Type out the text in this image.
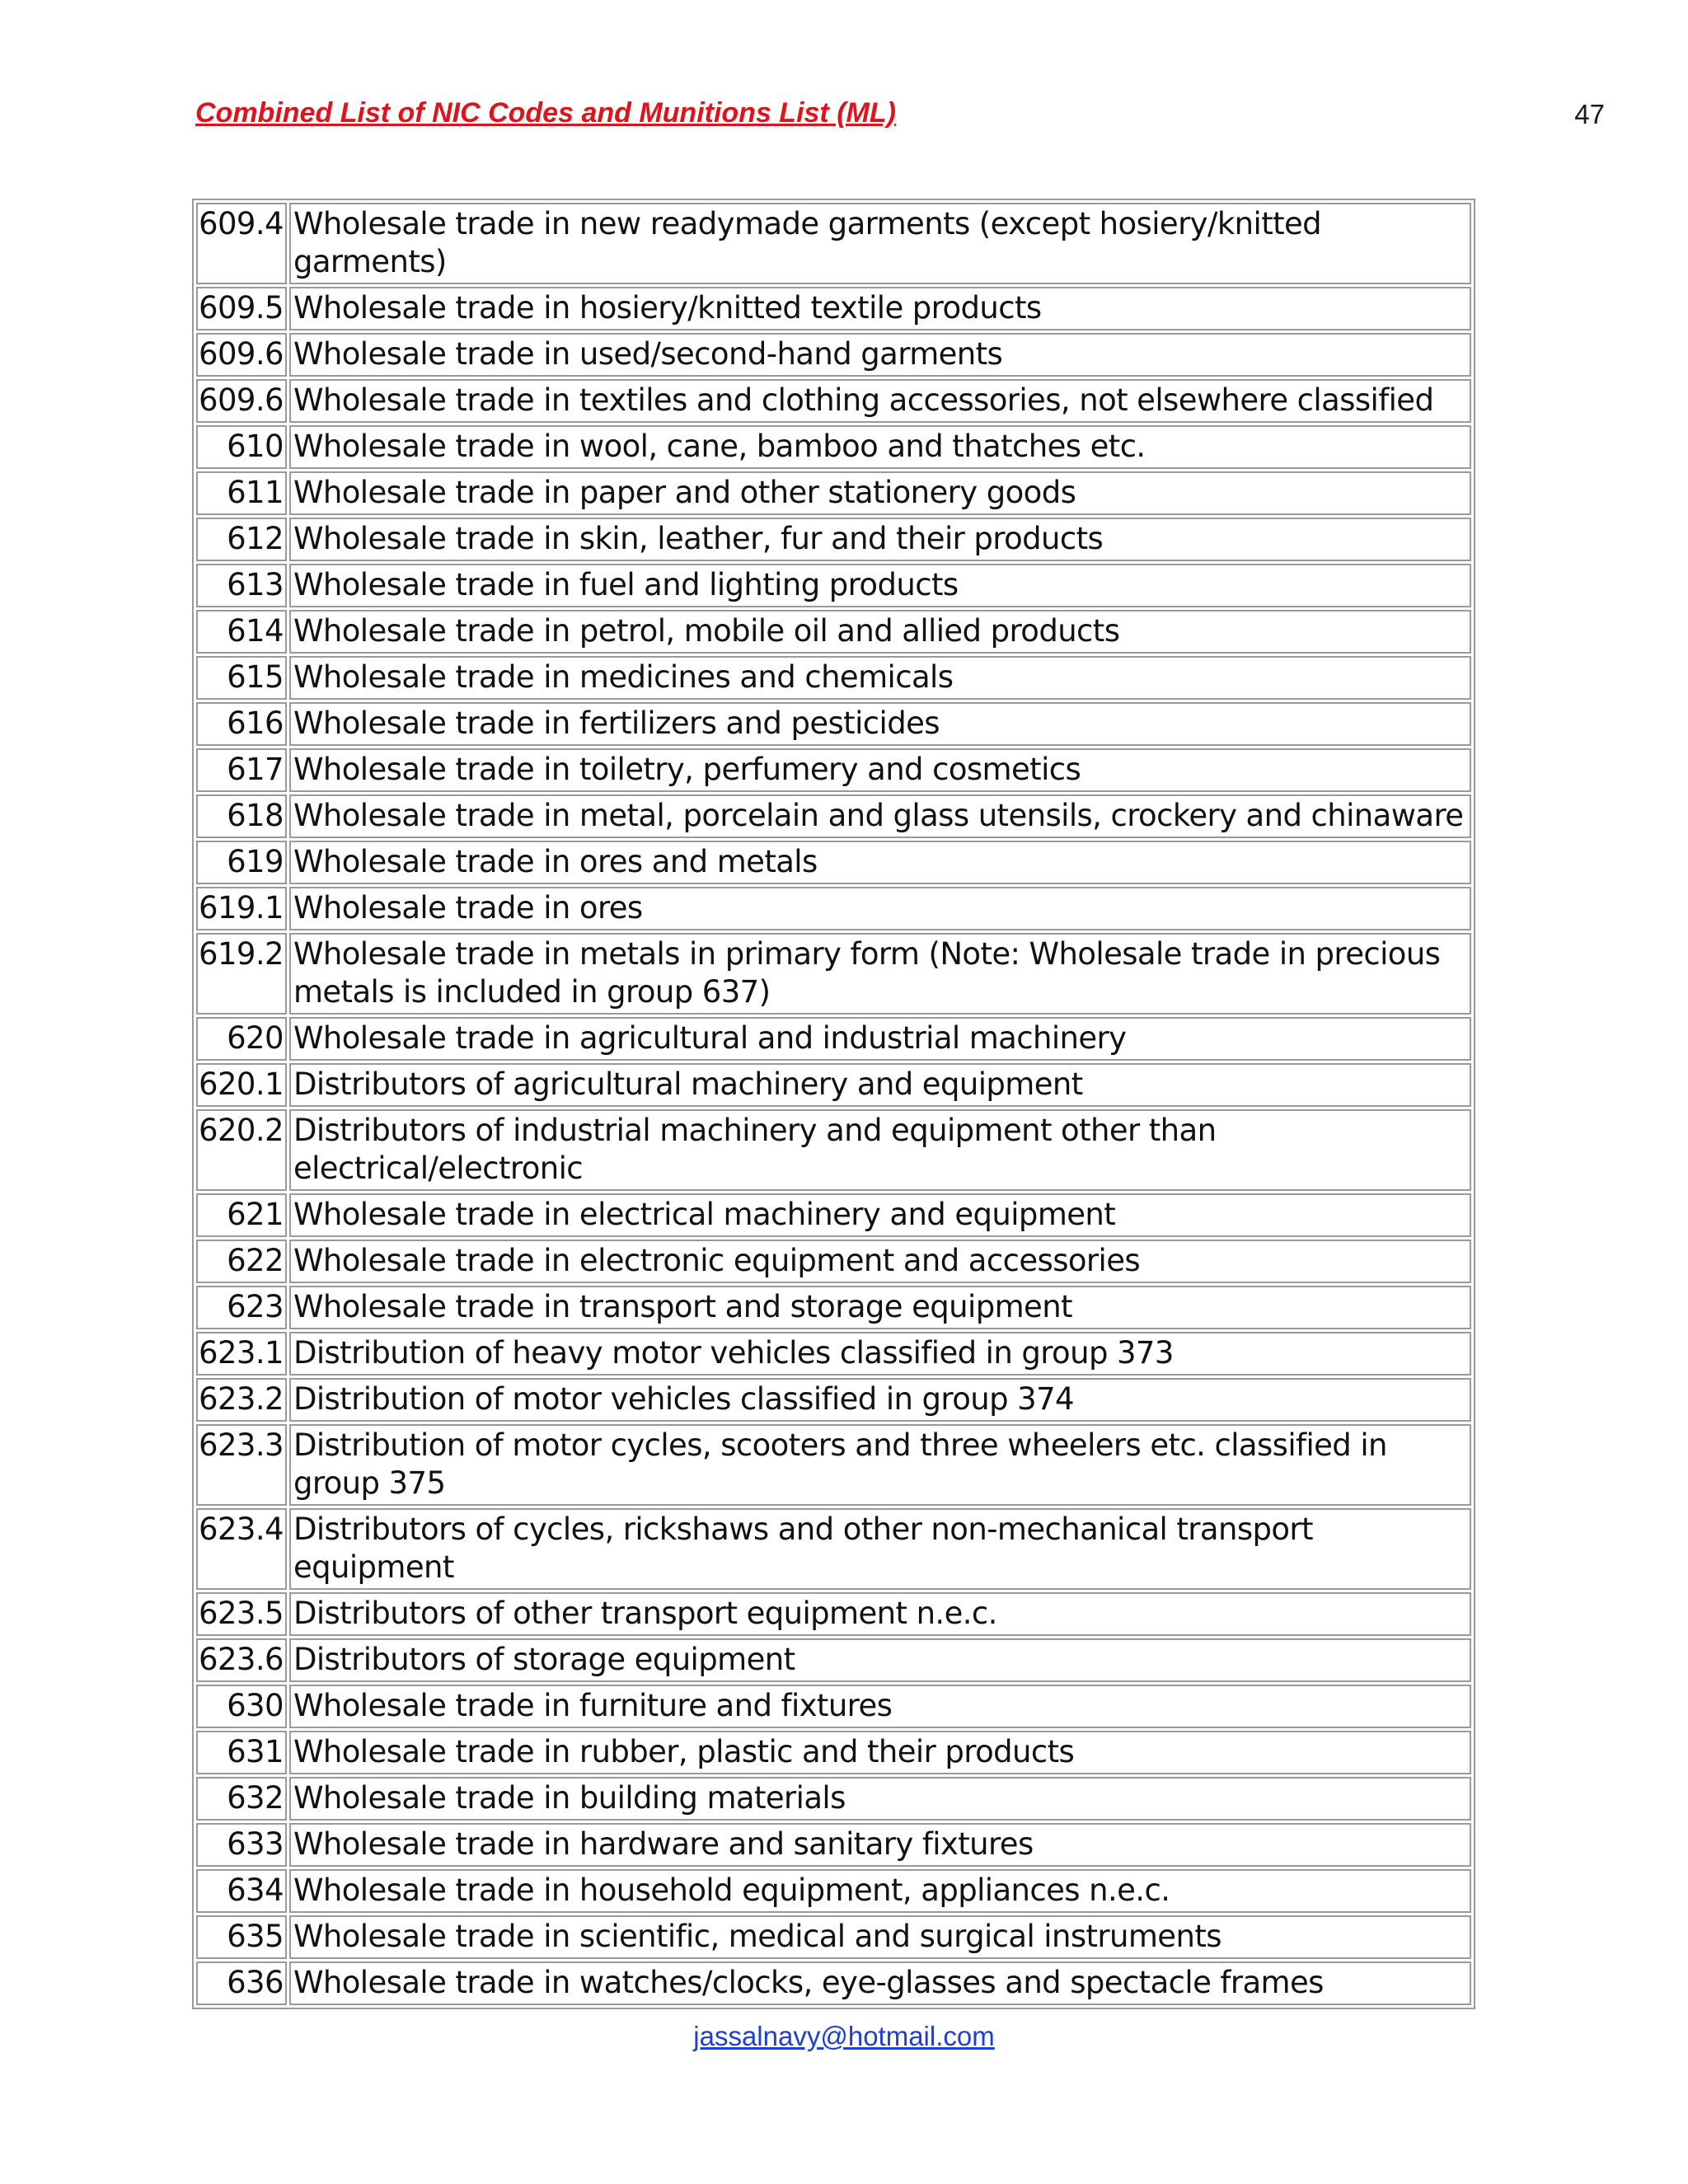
Combined List of NIC Codes and Munitions List (ML)	47
609.4	Wholesale trade in new readymade garments (except hosiery/knitted garments)
609.5	Wholesale trade in hosiery/knitted textile products
609.6	Wholesale trade in used/second-hand garments
609.6	Wholesale trade in textiles and clothing accessories, not elsewhere classified
610	Wholesale trade in wool, cane, bamboo and thatches etc.
611	Wholesale trade in paper and other stationery goods
612	Wholesale trade in skin, leather, fur and their products
613	Wholesale trade in fuel and lighting products
614	Wholesale trade in petrol, mobile oil and allied products
615	Wholesale trade in medicines and chemicals
616	Wholesale trade in fertilizers and pesticides
617	Wholesale trade in toiletry, perfumery and cosmetics
618	Wholesale trade in metal, porcelain and glass utensils, crockery and chinaware
619	Wholesale trade in ores and metals
619.1	Wholesale trade in ores
619.2	Wholesale trade in metals in primary form (Note: Wholesale trade in precious metals is included in group 637)
620	Wholesale trade in agricultural and industrial machinery
620.1	Distributors of agricultural machinery and equipment
620.2	Distributors of industrial machinery and equipment other than electrical/electronic
621	Wholesale trade in electrical machinery and equipment
622	Wholesale trade in electronic equipment and accessories
623	Wholesale trade in transport and storage equipment
623.1	Distribution of heavy motor vehicles classified in group 373
623.2	Distribution of motor vehicles classified in group 374
623.3	Distribution of motor cycles, scooters and three wheelers etc. classified in group 375
623.4	Distributors of cycles, rickshaws and other non-mechanical transport equipment
623.5	Distributors of other transport equipment n.e.c.
623.6	Distributors of storage equipment
630	Wholesale trade in furniture and fixtures
631	Wholesale trade in rubber, plastic and their products
632	Wholesale trade in building materials
633	Wholesale trade in hardware and sanitary fixtures
634	Wholesale trade in household equipment, appliances n.e.c.
635	Wholesale trade in scientific, medical and surgical instruments
636	Wholesale trade in watches/clocks, eye-glasses and spectacle frames
jassalnavy@hotmail.com
